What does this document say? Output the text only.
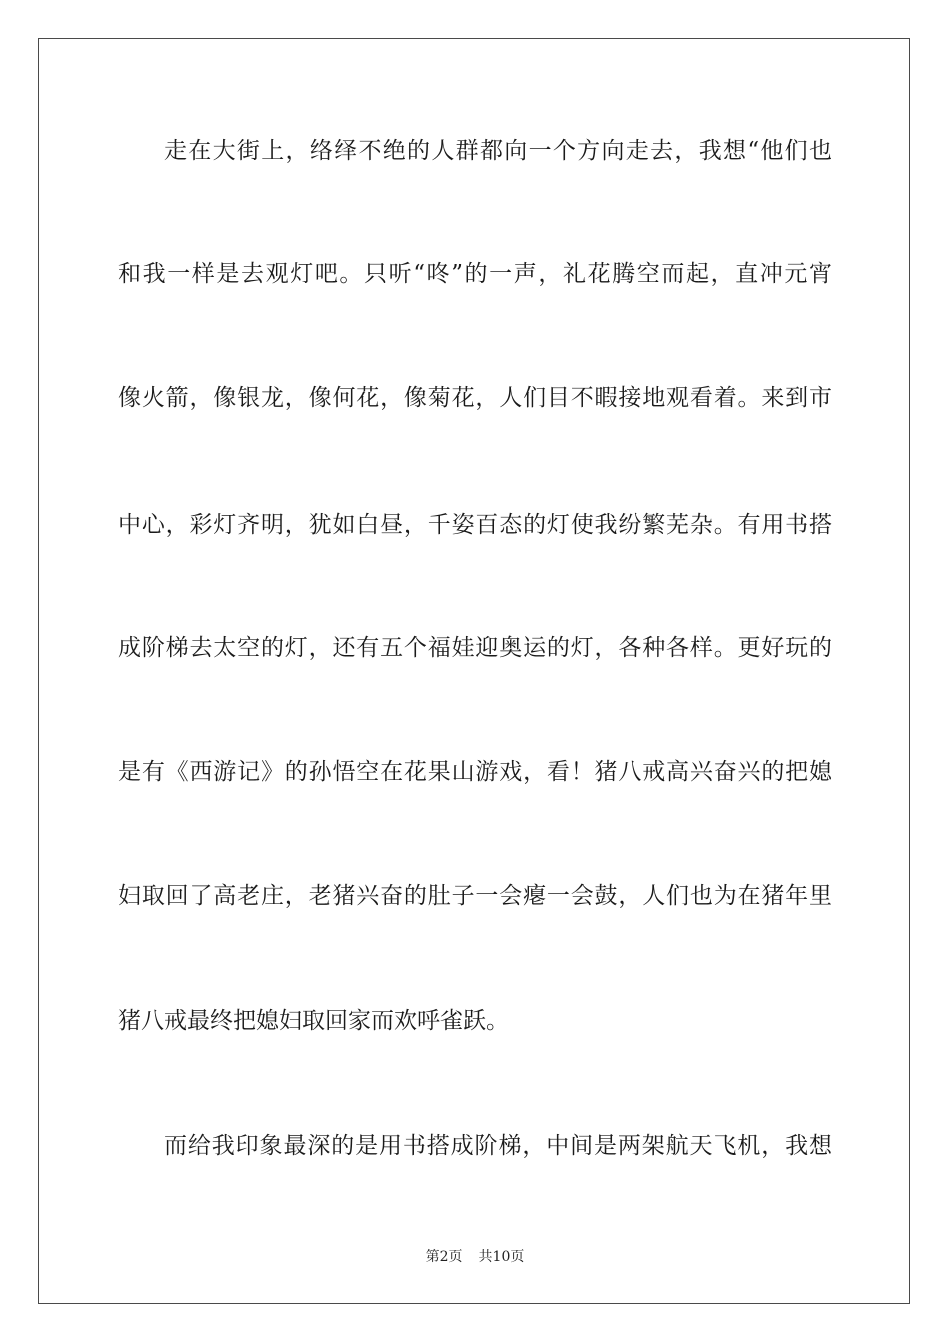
走在大街上，络绎不绝的人群都向一个方向走去，我想“他们也
和我一样是去观灯吧。只听“咚”的一声，礼花腾空而起，直冲元宵
像火箭，像银龙，像何花，像菊花，人们目不暇接地观看着。来到市
中心，彩灯齐明，犹如白昼，千姿百态的灯使我纷繁芜杂。有用书搭
成阶梯去太空的灯，还有五个福娃迎奥运的灯，各种各样。更好玩的
是有《西游记》的孙悟空在花果山游戏，看！猪八戒高兴奋兴的把媳
妇取回了高老庄，老猪兴奋的肚子一会瘪一会鼓，人们也为在猪年里
猪八戒最终把媳妇取回家而欢呼雀跃。
而给我印象最深的是用书搭成阶梯，中间是两架航天飞机，我想
第2页 共10页
